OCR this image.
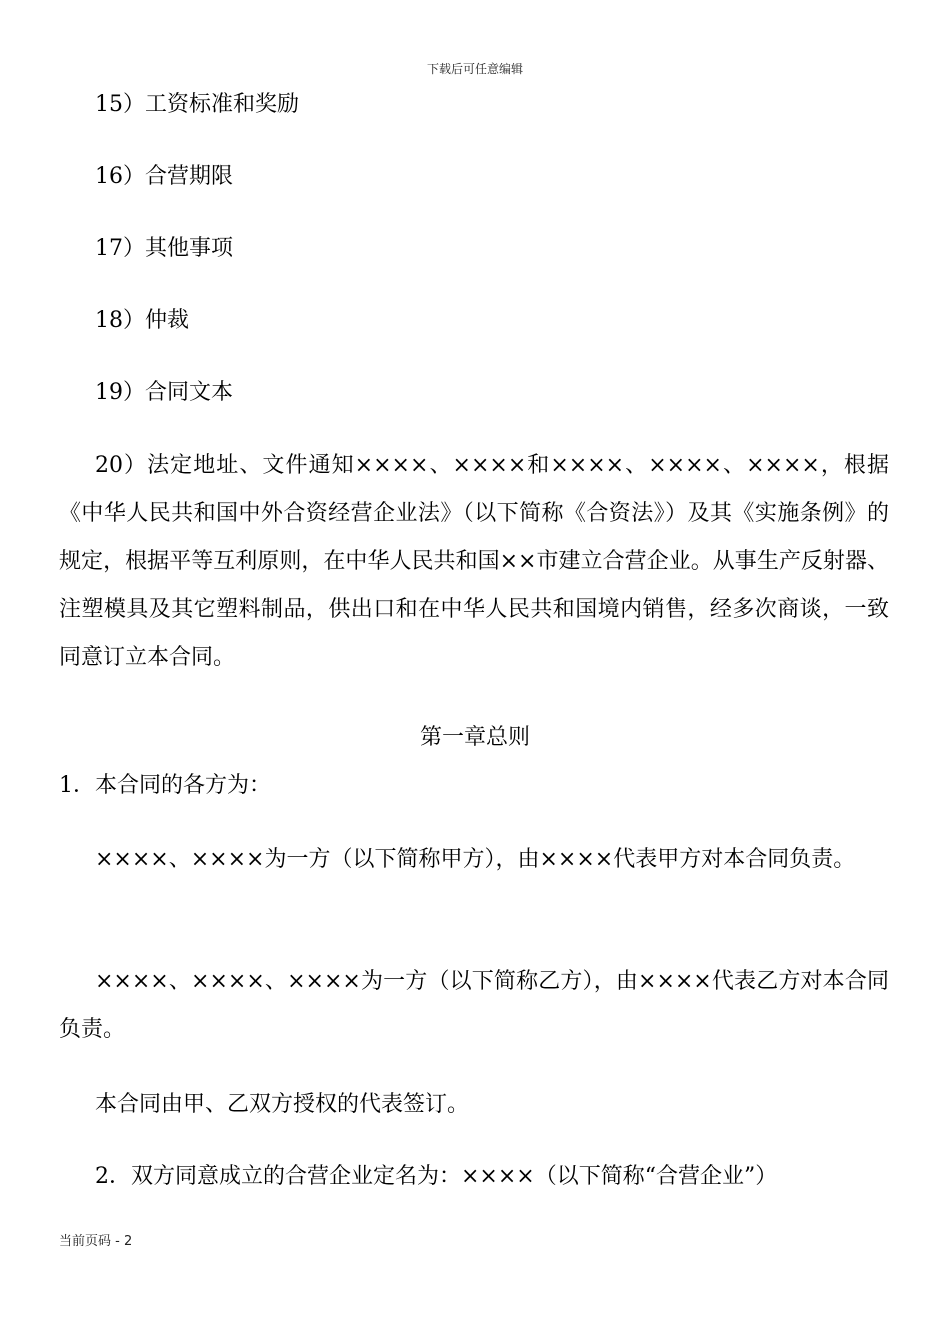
下载后可任意编辑
15）工资标准和奖励
16）合营期限
17）其他事项
18）仲裁
19）合同文本
20）法定地址、文件通知××××、××××和××××、××××、××××，根据《中华人民共和国中外合资经营企业法》（以下简称《合资法》）及其《实施条例》的规定，根据平等互利原则，在中华人民共和国××市建立合营企业。从事生产反射器、注塑模具及其它塑料制品，供出口和在中华人民共和国境内销售，经多次商谈，一致同意订立本合同。
第一章总则
1．本合同的各方为：
××××、××××为一方（以下简称甲方），由××××代表甲方对本合同负责。
××××、××××、××××为一方（以下简称乙方），由××××代表乙方对本合同负责。
本合同由甲、乙双方授权的代表签订。
2．双方同意成立的合营企业定名为：××××（以下简称“合营企业”）
当前页码 - 2
